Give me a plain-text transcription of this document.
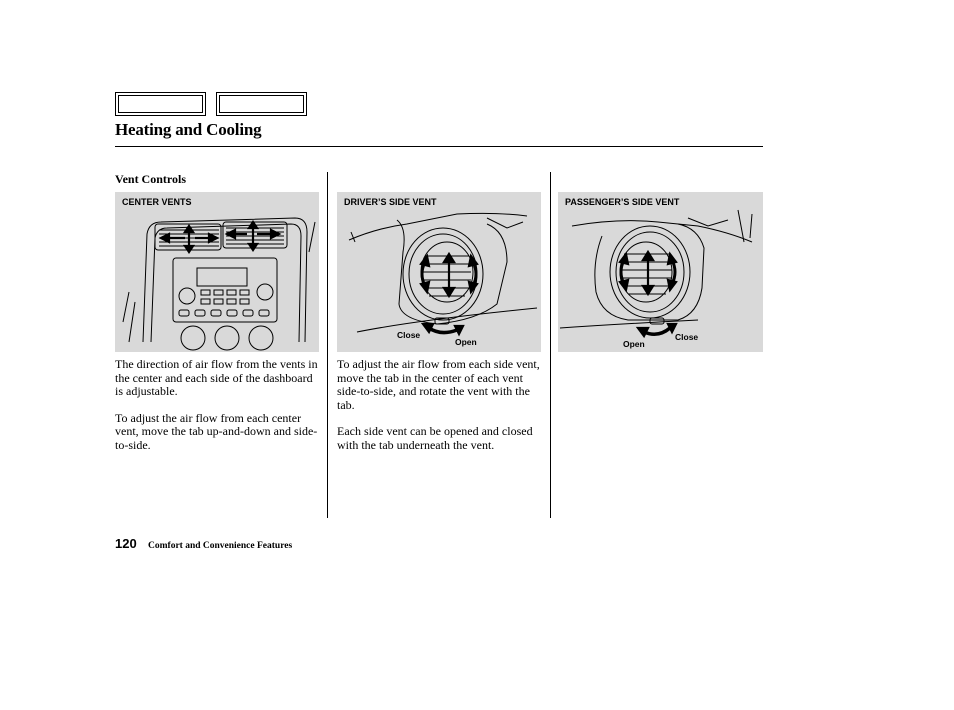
Heating and Cooling
Vent Controls
CENTER VENTS	DRIVER’S SIDE VENT
Close
Open
PASSENGER’S SIDE VENT
Open
Close

The direction of air flow from the vents in the center and each side of the dashboard is adjustable.

To adjust the air flow from each center vent, move the tab up-and-down and side-to-side.

To adjust the air flow from each side vent, move the tab in the center of each vent side-to-side, and rotate the vent with the tab.

Each side vent can be opened and closed with the tab underneath the vent.

120 Comfort and Convenience Features
